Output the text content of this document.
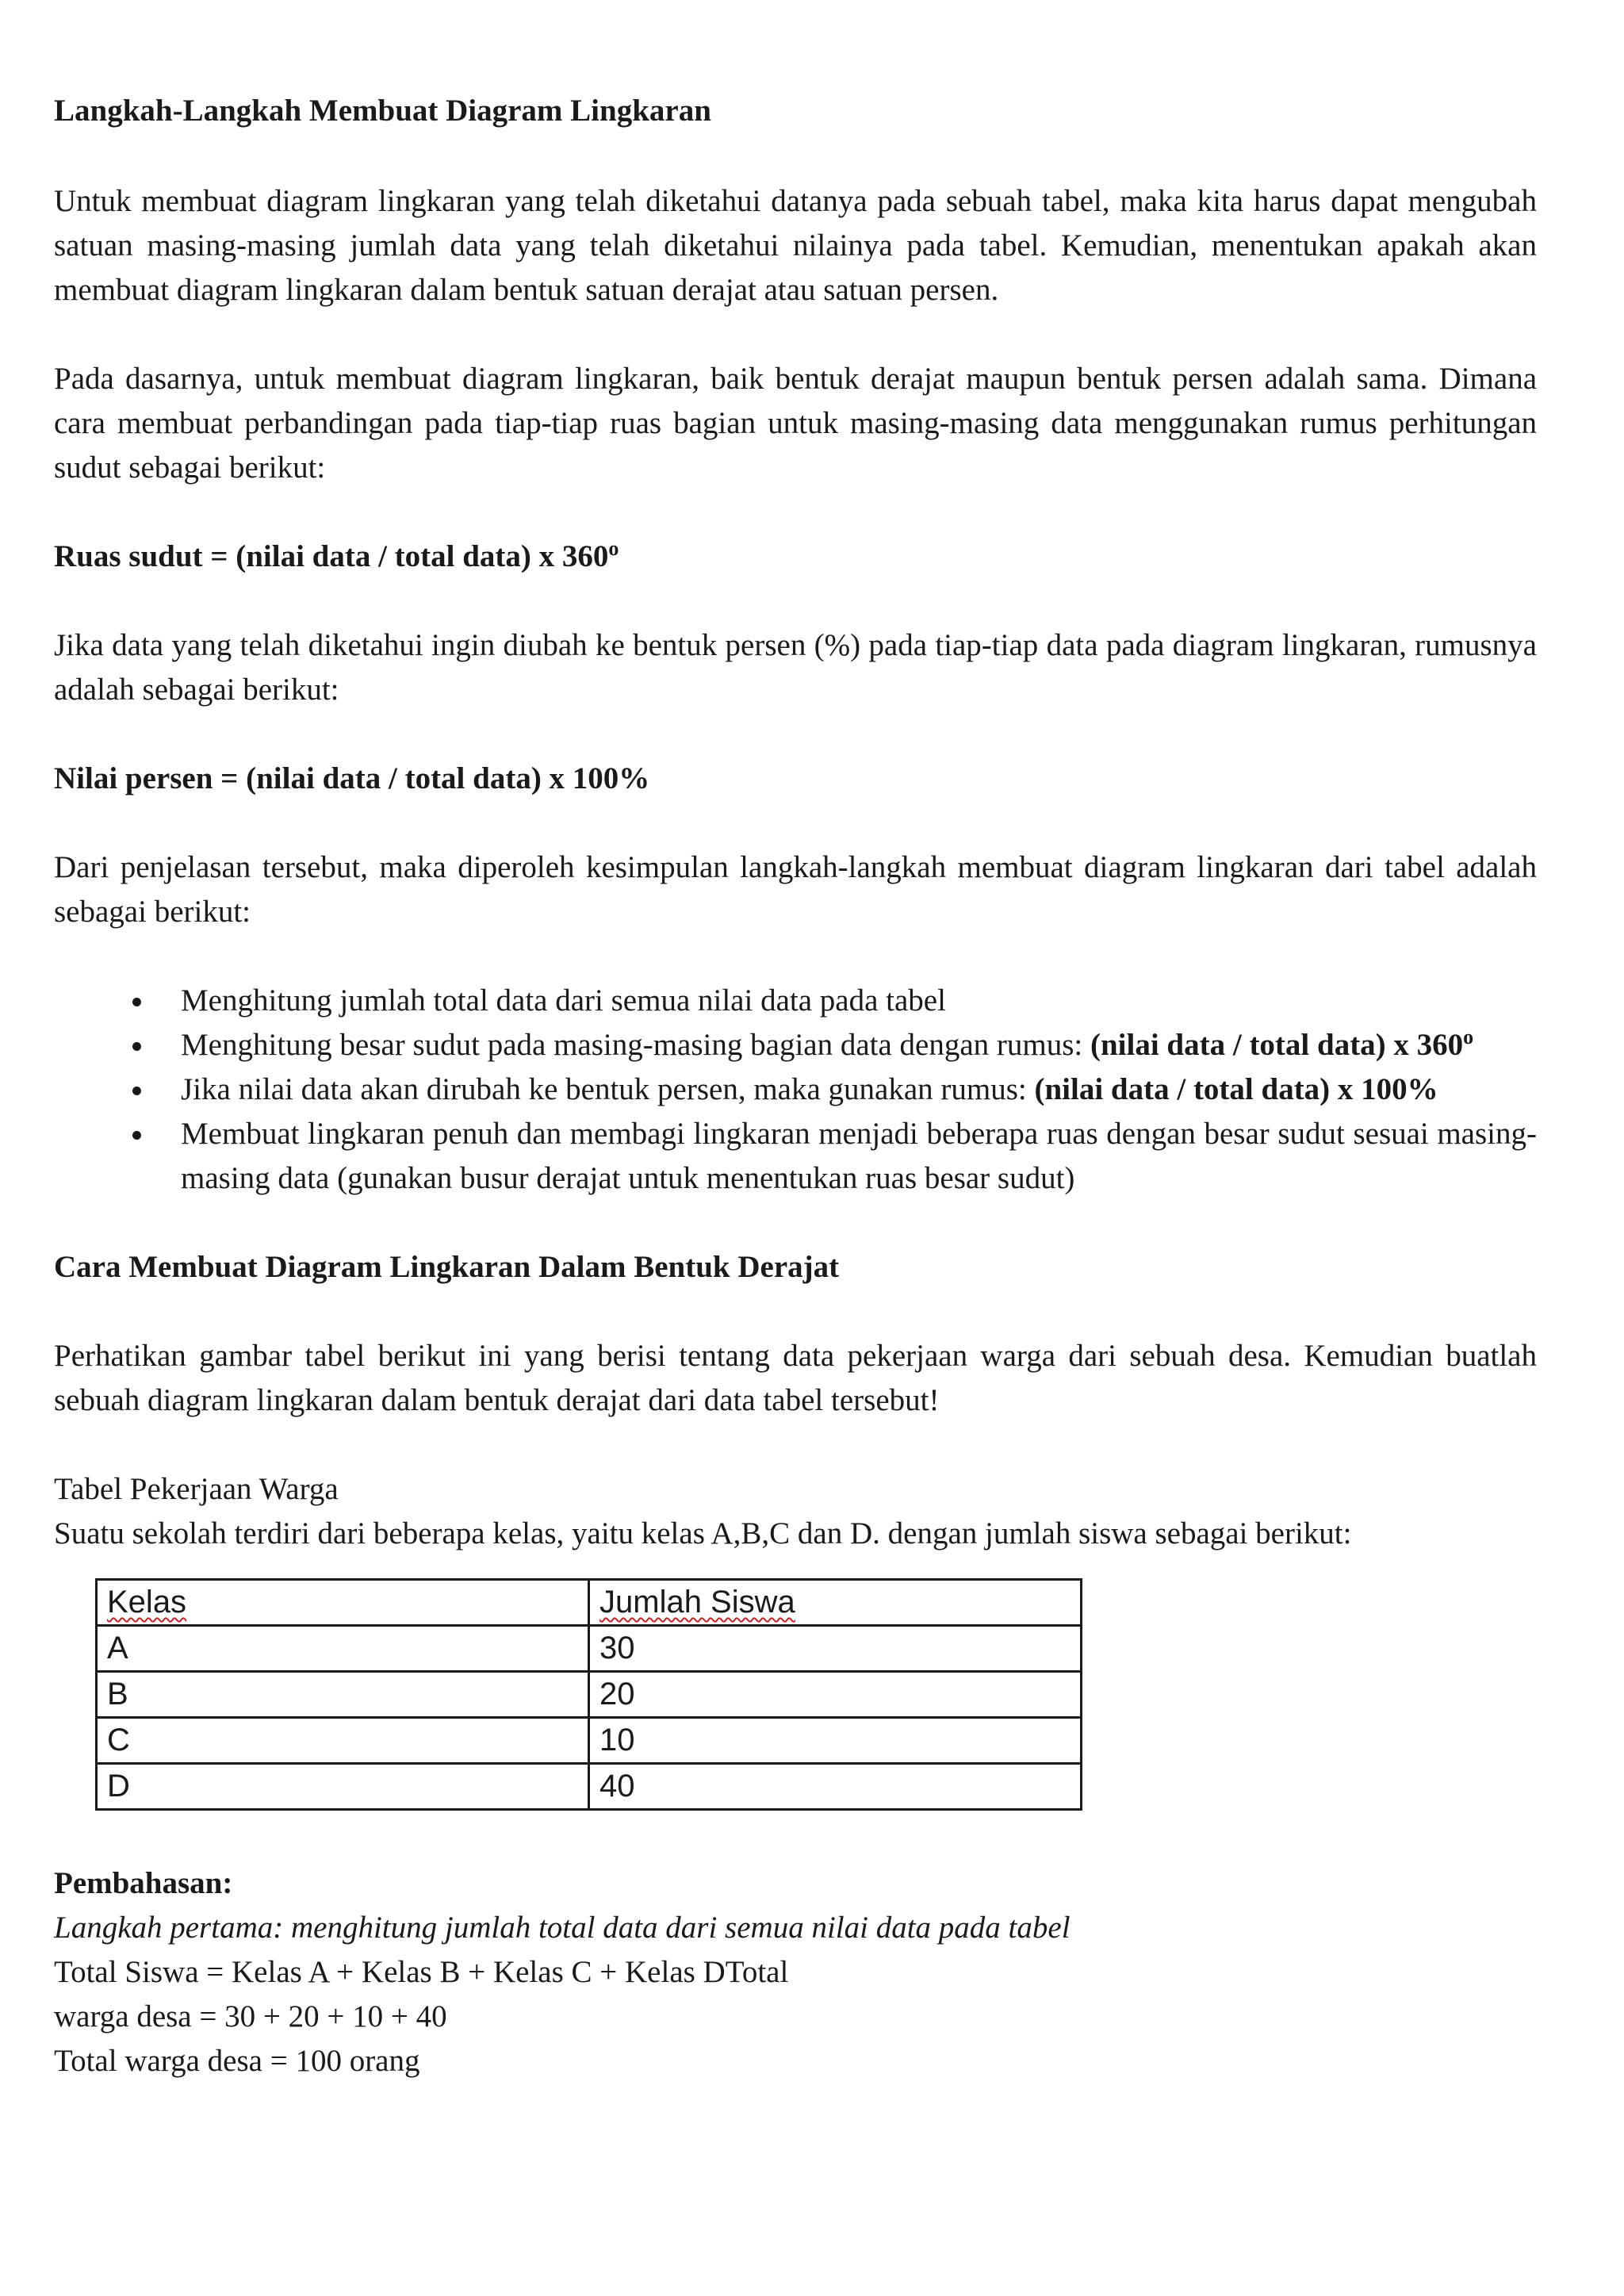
Langkah-Langkah Membuat Diagram Lingkaran

Untuk membuat diagram lingkaran yang telah diketahui datanya pada sebuah tabel, maka kita harus dapat mengubah satuan masing-masing jumlah data yang telah diketahui nilainya pada tabel. Kemudian, menentukan apakah akan membuat diagram lingkaran dalam bentuk satuan derajat atau satuan persen.

Pada dasarnya, untuk membuat diagram lingkaran, baik bentuk derajat maupun bentuk persen adalah sama. Dimana cara membuat perbandingan pada tiap-tiap ruas bagian untuk masing-masing data menggunakan rumus perhitungan sudut sebagai berikut:

Ruas sudut = (nilai data / total data) x 360$^o$

Jika data yang telah diketahui ingin diubah ke bentuk persen (%) pada tiap-tiap data pada diagram lingkaran, rumusnya adalah sebagai berikut:

Nilai persen = (nilai data / total data) x 100%

Dari penjelasan tersebut, maka diperoleh kesimpulan langkah-langkah membuat diagram lingkaran dari tabel adalah sebagai berikut:

Menghitung jumlah total data dari semua nilai data pada tabel
Menghitung besar sudut pada masing-masing bagian data dengan rumus: (nilai data / total data) x 360$^o$
Jika nilai data akan dirubah ke bentuk persen, maka gunakan rumus: (nilai data / total data) x 100%
Membuat lingkaran penuh dan membagi lingkaran menjadi beberapa ruas dengan besar sudut sesuai masing-masing data (gunakan busur derajat untuk menentukan ruas besar sudut)

Cara Membuat Diagram Lingkaran Dalam Bentuk Derajat

Perhatikan gambar tabel berikut ini yang berisi tentang data pekerjaan warga dari sebuah desa. Kemudian buatlah sebuah diagram lingkaran dalam bentuk derajat dari data tabel tersebut!

Tabel Pekerjaan Warga

Suatu sekolah terdiri dari beberapa kelas, yaitu kelas A,B,C dan D. dengan jumlah siswa sebagai berikut:

Kelas	Jumlah Siswa
A	30
B	20
C	10
D	40

Pembahasan:

Langkah pertama: menghitung jumlah total data dari semua nilai data pada tabel

Total Siswa = Kelas A + Kelas B + Kelas C + Kelas DTotal

warga desa = 30 + 20 + 10 + 40

Total warga desa = 100 orang
